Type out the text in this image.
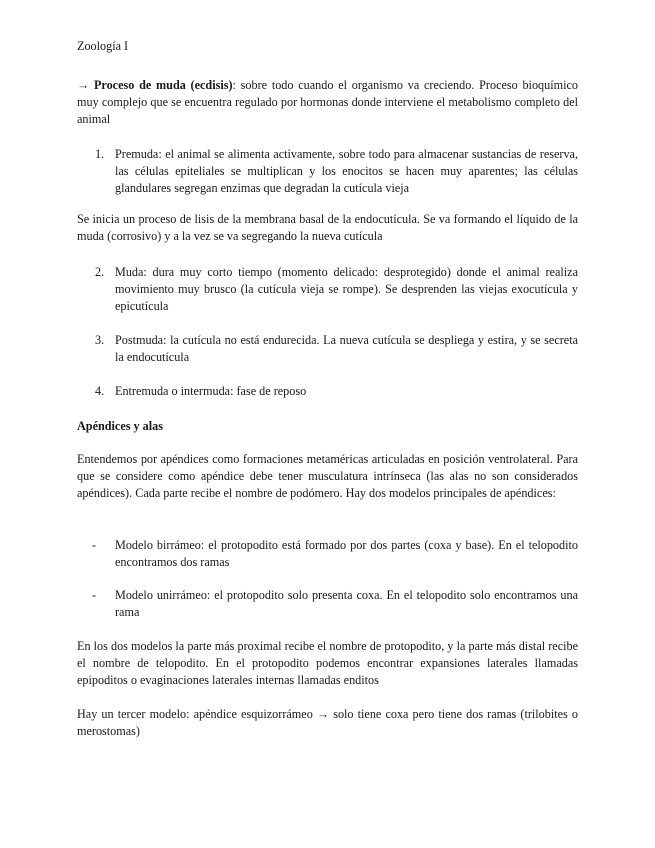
Zoología I

→ Proceso de muda (ecdisis): sobre todo cuando el organismo va creciendo. Proceso bioquímico muy complejo que se encuentra regulado por hormonas donde interviene el metabolismo completo del animal

1. Premuda: el animal se alimenta activamente, sobre todo para almacenar sustancias de reserva, las células epiteliales se multiplican y los enocitos se hacen muy aparentes; las células glandulares segregan enzimas que degradan la cutícula vieja

Se inicia un proceso de lisis de la membrana basal de la endocutícula. Se va formando el líquido de la muda (corrosivo) y a la vez se va segregando la nueva cutícula

2. Muda: dura muy corto tiempo (momento delicado: desprotegido) donde el animal realiza movimiento muy brusco (la cutícula vieja se rompe). Se desprenden las viejas exocutícula y epicutícula
3. Postmuda: la cutícula no está endurecida. La nueva cutícula se despliega y estira, y se secreta la endocutícula
4. Entremuda o intermuda: fase de reposo
Apéndices y alas

Entendemos por apéndices como formaciones metaméricas articuladas en posición ventrolateral. Para que se considere como apéndice debe tener musculatura intrínseca (las alas no son considerados apéndices). Cada parte recibe el nombre de podómero. Hay dos modelos principales de apéndices:

-	Modelo birrámeo: el protopodito está formado por dos partes (coxa y base). En el telopodito encontramos dos ramas
-	Modelo unirrámeo: el protopodito solo presenta coxa. En el telopodito solo encontramos una rama

En los dos modelos la parte más proximal recibe el nombre de protopodito, y la parte más distal recibe el nombre de telopodito. En el protopodito podemos encontrar expansiones laterales llamadas epipoditos o evaginaciones laterales internas llamadas enditos

Hay un tercer modelo: apéndice esquizorrámeo → solo tiene coxa pero tiene dos ramas (trilobites o merostomas)
